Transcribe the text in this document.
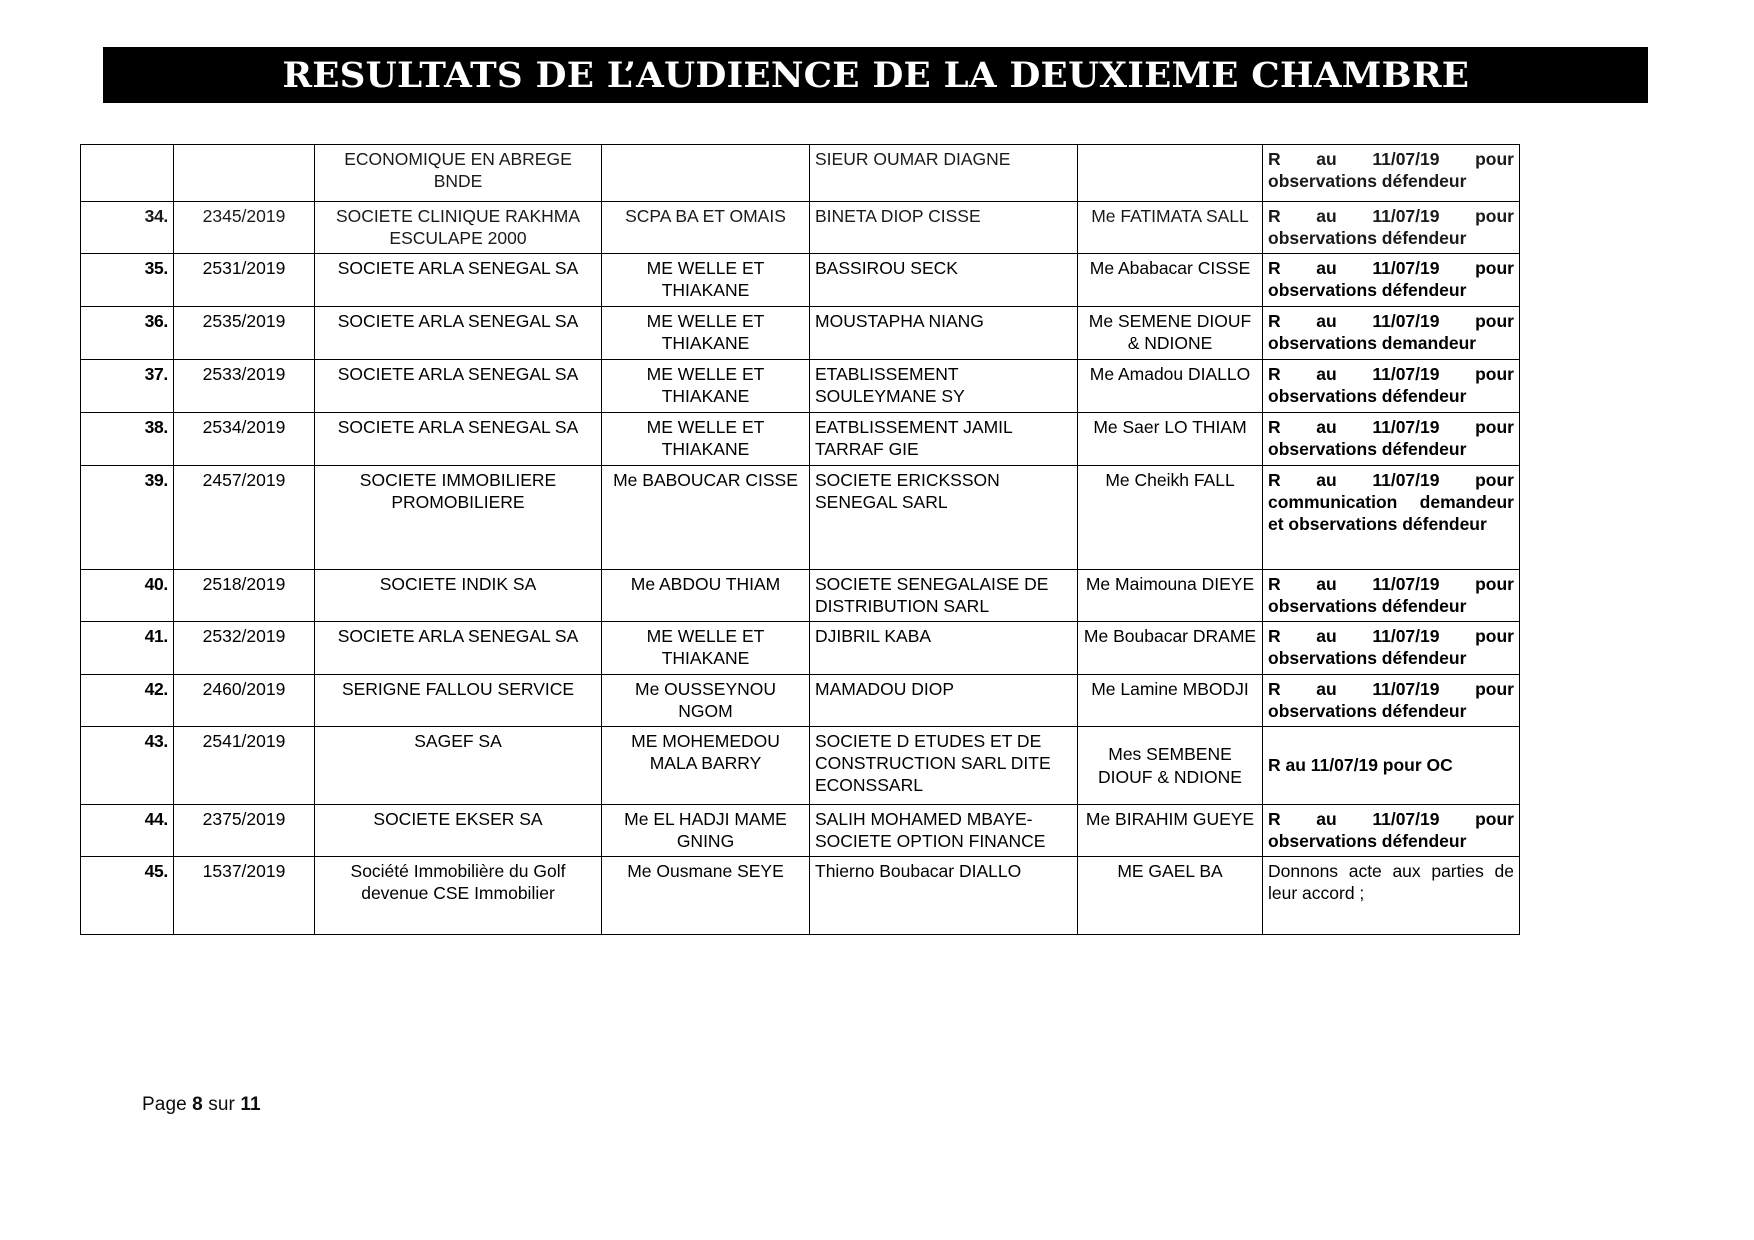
RESULTATS DE L’AUDIENCE DE LA DEUXIEME CHAMBRE
		ECONOMIQUE EN ABREGE BNDE		SIEUR OUMAR DIAGNE		R au 11/07/19 pour observations défendeur
34.	2345/2019	SOCIETE CLINIQUE RAKHMA ESCULAPE 2000	SCPA BA ET OMAIS	BINETA DIOP CISSE	Me FATIMATA SALL	R au 11/07/19 pour observations défendeur
35.	2531/2019	SOCIETE ARLA SENEGAL SA	ME WELLE ET THIAKANE	BASSIROU SECK	Me Ababacar CISSE	R au 11/07/19 pour observations défendeur
36.	2535/2019	SOCIETE ARLA SENEGAL SA	ME WELLE ET THIAKANE	MOUSTAPHA NIANG	Me SEMENE DIOUF & NDIONE	R au 11/07/19 pour observations demandeur
37.	2533/2019	SOCIETE ARLA SENEGAL SA	ME WELLE ET THIAKANE	ETABLISSEMENT SOULEYMANE SY	Me Amadou DIALLO	R au 11/07/19 pour observations défendeur
38.	2534/2019	SOCIETE ARLA SENEGAL SA	ME WELLE ET THIAKANE	EATBLISSEMENT JAMIL TARRAF GIE	Me Saer LO THIAM	R au 11/07/19 pour observations défendeur
39.	2457/2019	SOCIETE IMMOBILIERE PROMOBILIERE	Me BABOUCAR CISSE	SOCIETE ERICKSSON SENEGAL SARL	Me Cheikh FALL	R au 11/07/19 pour communication demandeur et observations défendeur
40.	2518/2019	SOCIETE INDIK SA	Me ABDOU THIAM	SOCIETE SENEGALAISE DE DISTRIBUTION SARL	Me Maimouna DIEYE	R au 11/07/19 pour observations défendeur
41.	2532/2019	SOCIETE ARLA SENEGAL SA	ME WELLE ET THIAKANE	DJIBRIL KABA	Me Boubacar DRAME	R au 11/07/19 pour observations défendeur
42.	2460/2019	SERIGNE FALLOU SERVICE	Me OUSSEYNOU NGOM	MAMADOU DIOP	Me Lamine MBODJI	R au 11/07/19 pour observations défendeur
43.	2541/2019	SAGEF SA	ME MOHEMEDOU MALA BARRY	SOCIETE D ETUDES ET DE CONSTRUCTION SARL DITE ECONSSARL	Mes SEMBENE DIOUF & NDIONE	R au 11/07/19 pour OC
44.	2375/2019	SOCIETE EKSER SA	Me EL HADJI MAME GNING	SALIH MOHAMED MBAYE-SOCIETE OPTION FINANCE	Me BIRAHIM GUEYE	R au 11/07/19 pour observations défendeur
45.	1537/2019	Société Immobilière du Golf devenue CSE Immobilier	Me Ousmane SEYE	Thierno Boubacar DIALLO	ME GAEL BA	Donnons acte aux parties de leur accord ;
Page 8 sur 11
